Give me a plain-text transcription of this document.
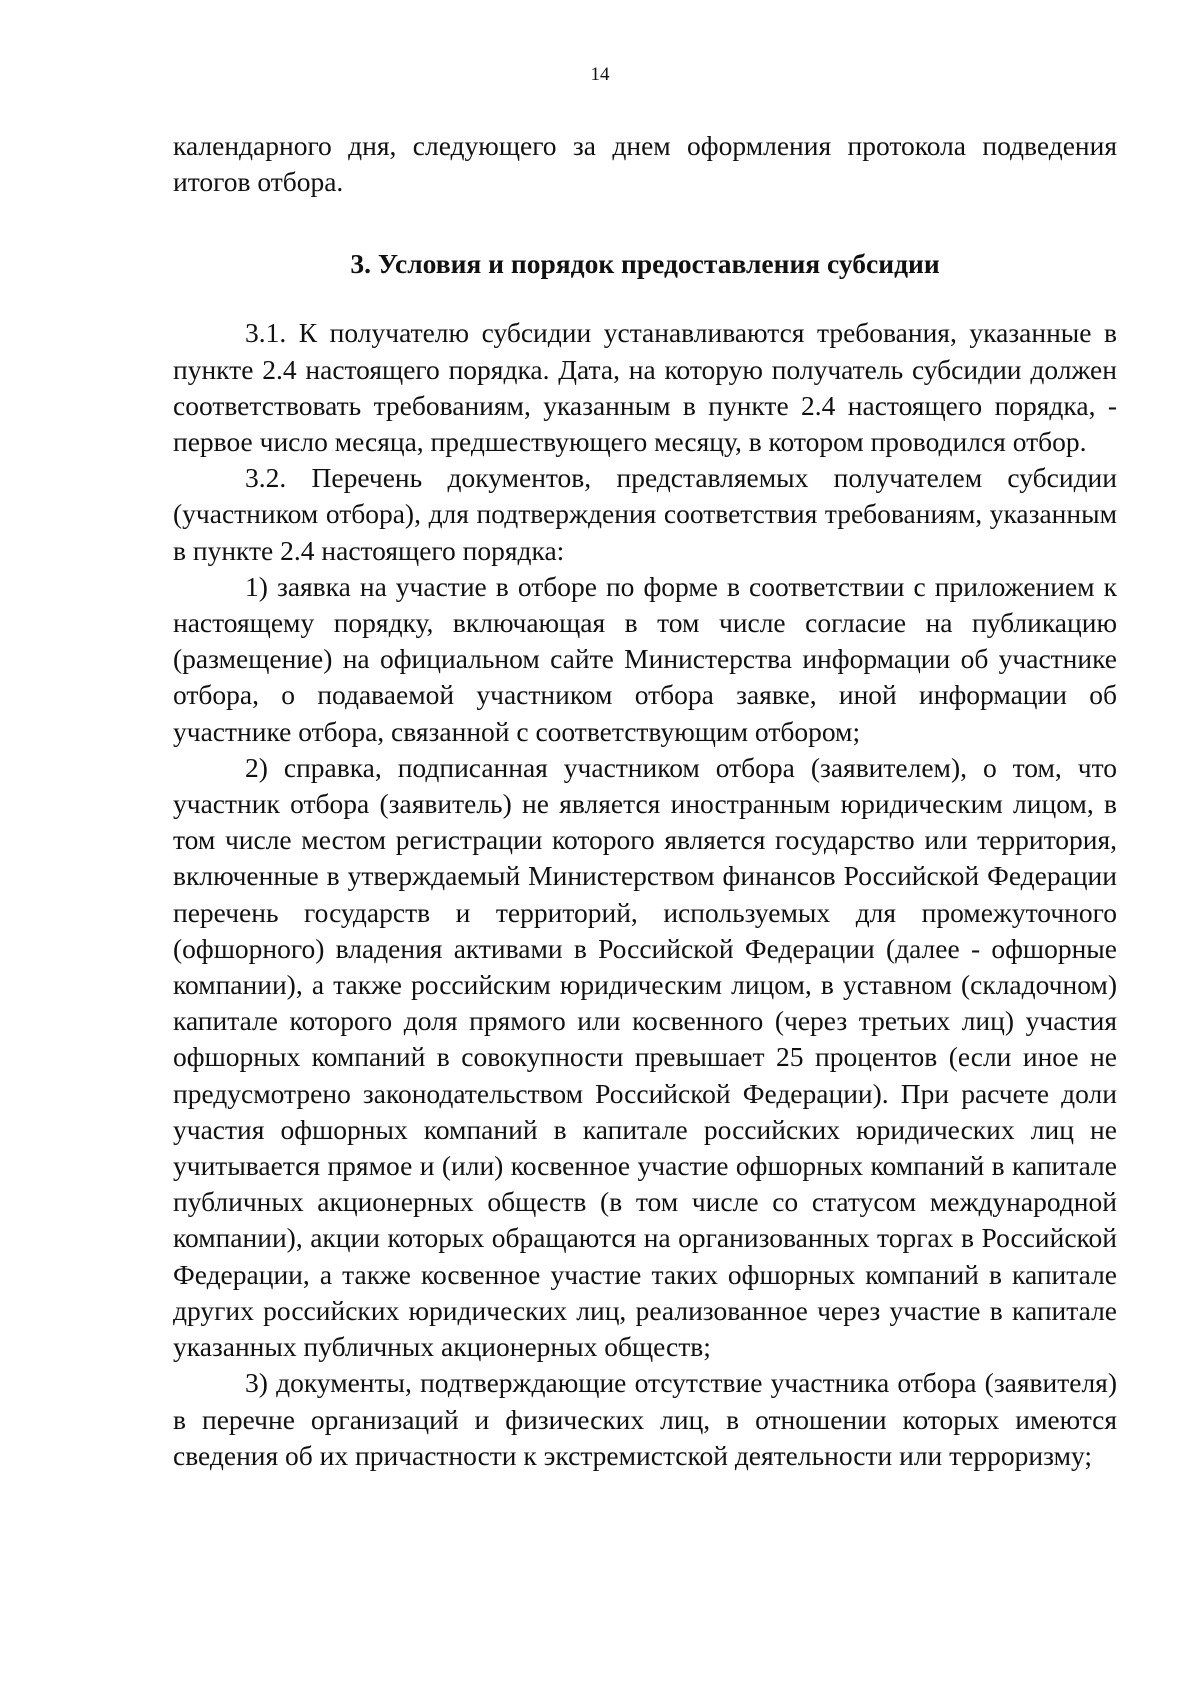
14

календарного дня, следующего за днем оформления протокола подведения итогов отбора.

3. Условия и порядок предоставления субсидии

3.1. К получателю субсидии устанавливаются требования, указанные в пункте 2.4 настоящего порядка. Дата, на которую получатель субсидии должен соответствовать требованиям, указанным в пункте 2.4 настоящего порядка, - первое число месяца, предшествующего месяцу, в котором проводился отбор.

3.2. Перечень документов, представляемых получателем субсидии (участником отбора), для подтверждения соответствия требованиям, указанным в пункте 2.4 настоящего порядка:

1) заявка на участие в отборе по форме в соответствии с приложением к настоящему порядку, включающая в том числе согласие на публикацию (размещение) на официальном сайте Министерства информации об участнике отбора, о подаваемой участником отбора заявке, иной информации об участнике отбора, связанной с соответствующим отбором;

2) справка, подписанная участником отбора (заявителем), о том, что участник отбора (заявитель) не является иностранным юридическим лицом, в том числе местом регистрации которого является государство или территория, включенные в утверждаемый Министерством финансов Российской Федерации перечень государств и территорий, используемых для промежуточного (офшорного) владения активами в Российской Федерации (далее - офшорные компании), а также российским юридическим лицом, в уставном (складочном) капитале которого доля прямого или косвенного (через третьих лиц) участия офшорных компаний в совокупности превышает 25 процентов (если иное не предусмотрено законодательством Российской Федерации). При расчете доли участия офшорных компаний в капитале российских юридических лиц не учитывается прямое и (или) косвенное участие офшорных компаний в капитале публичных акционерных обществ (в том числе со статусом международной компании), акции которых обращаются на организованных торгах в Российской Федерации, а также косвенное участие таких офшорных компаний в капитале других российских юридических лиц, реализованное через участие в капитале указанных публичных акционерных обществ;

3) документы, подтверждающие отсутствие участника отбора (заявителя) в перечне организаций и физических лиц, в отношении которых имеются сведения об их причастности к экстремистской деятельности или терроризму;
